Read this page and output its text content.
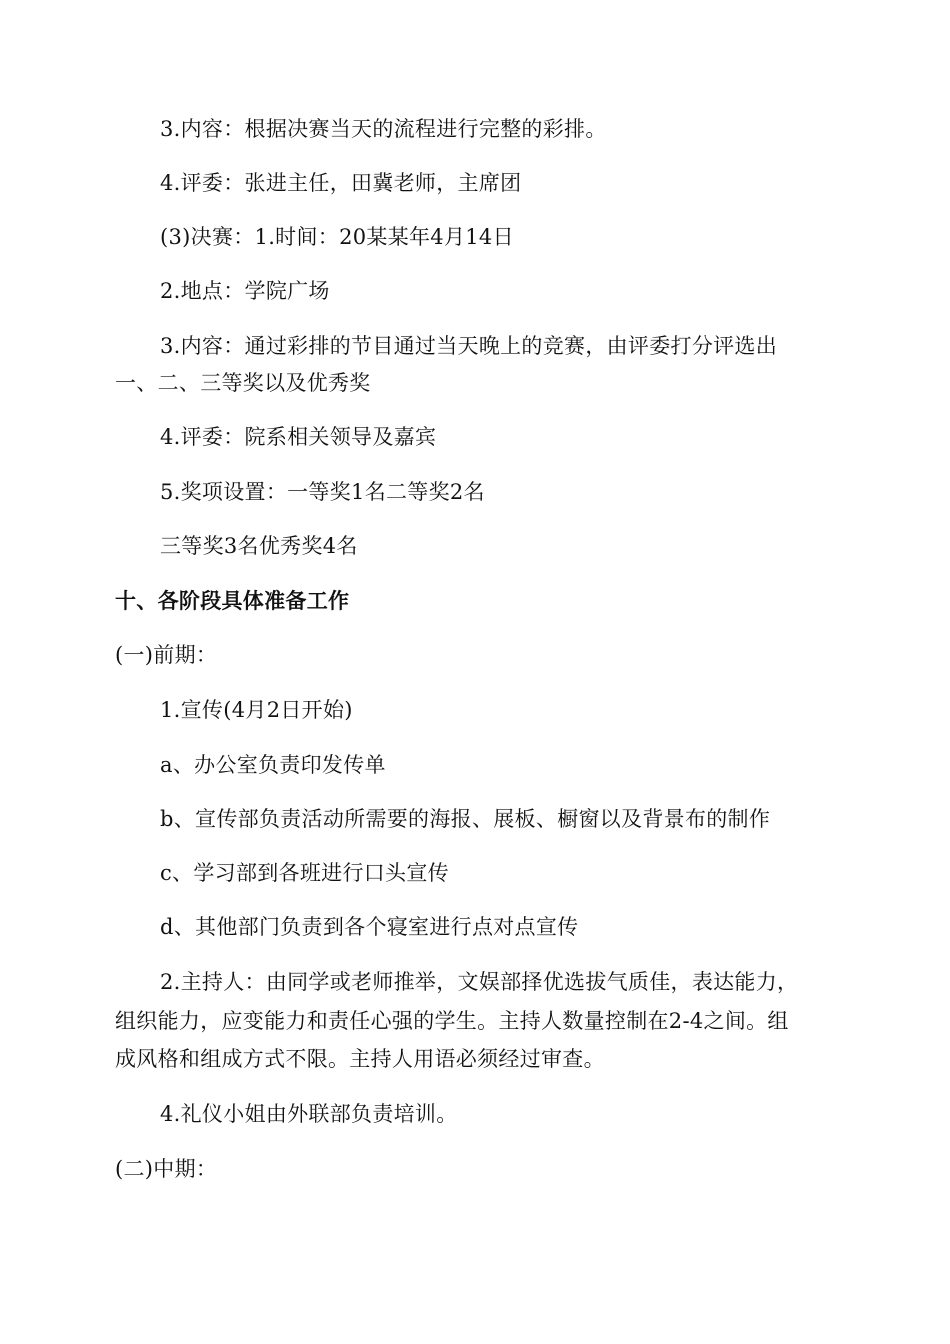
3.内容：根据决赛当天的流程进行完整的彩排。
4.评委：张进主任，田冀老师，主席团
(3)决赛：1.时间：20某某年4月14日
2.地点：学院广场
3.内容：通过彩排的节目通过当天晚上的竞赛，由评委打分评选出
一、二、三等奖以及优秀奖
4.评委：院系相关领导及嘉宾
5.奖项设置：一等奖1名二等奖2名
三等奖3名优秀奖4名
十、各阶段具体准备工作
(一)前期：
1.宣传(4月2日开始)
a、办公室负责印发传单
b、宣传部负责活动所需要的海报、展板、橱窗以及背景布的制作
c、学习部到各班进行口头宣传
d、其他部门负责到各个寝室进行点对点宣传
2.主持人：由同学或老师推举，文娱部择优选拔气质佳，表达能力，
组织能力，应变能力和责任心强的学生。主持人数量控制在2-4之间。组
成风格和组成方式不限。主持人用语必须经过审查。
4.礼仪小姐由外联部负责培训。
(二)中期：
